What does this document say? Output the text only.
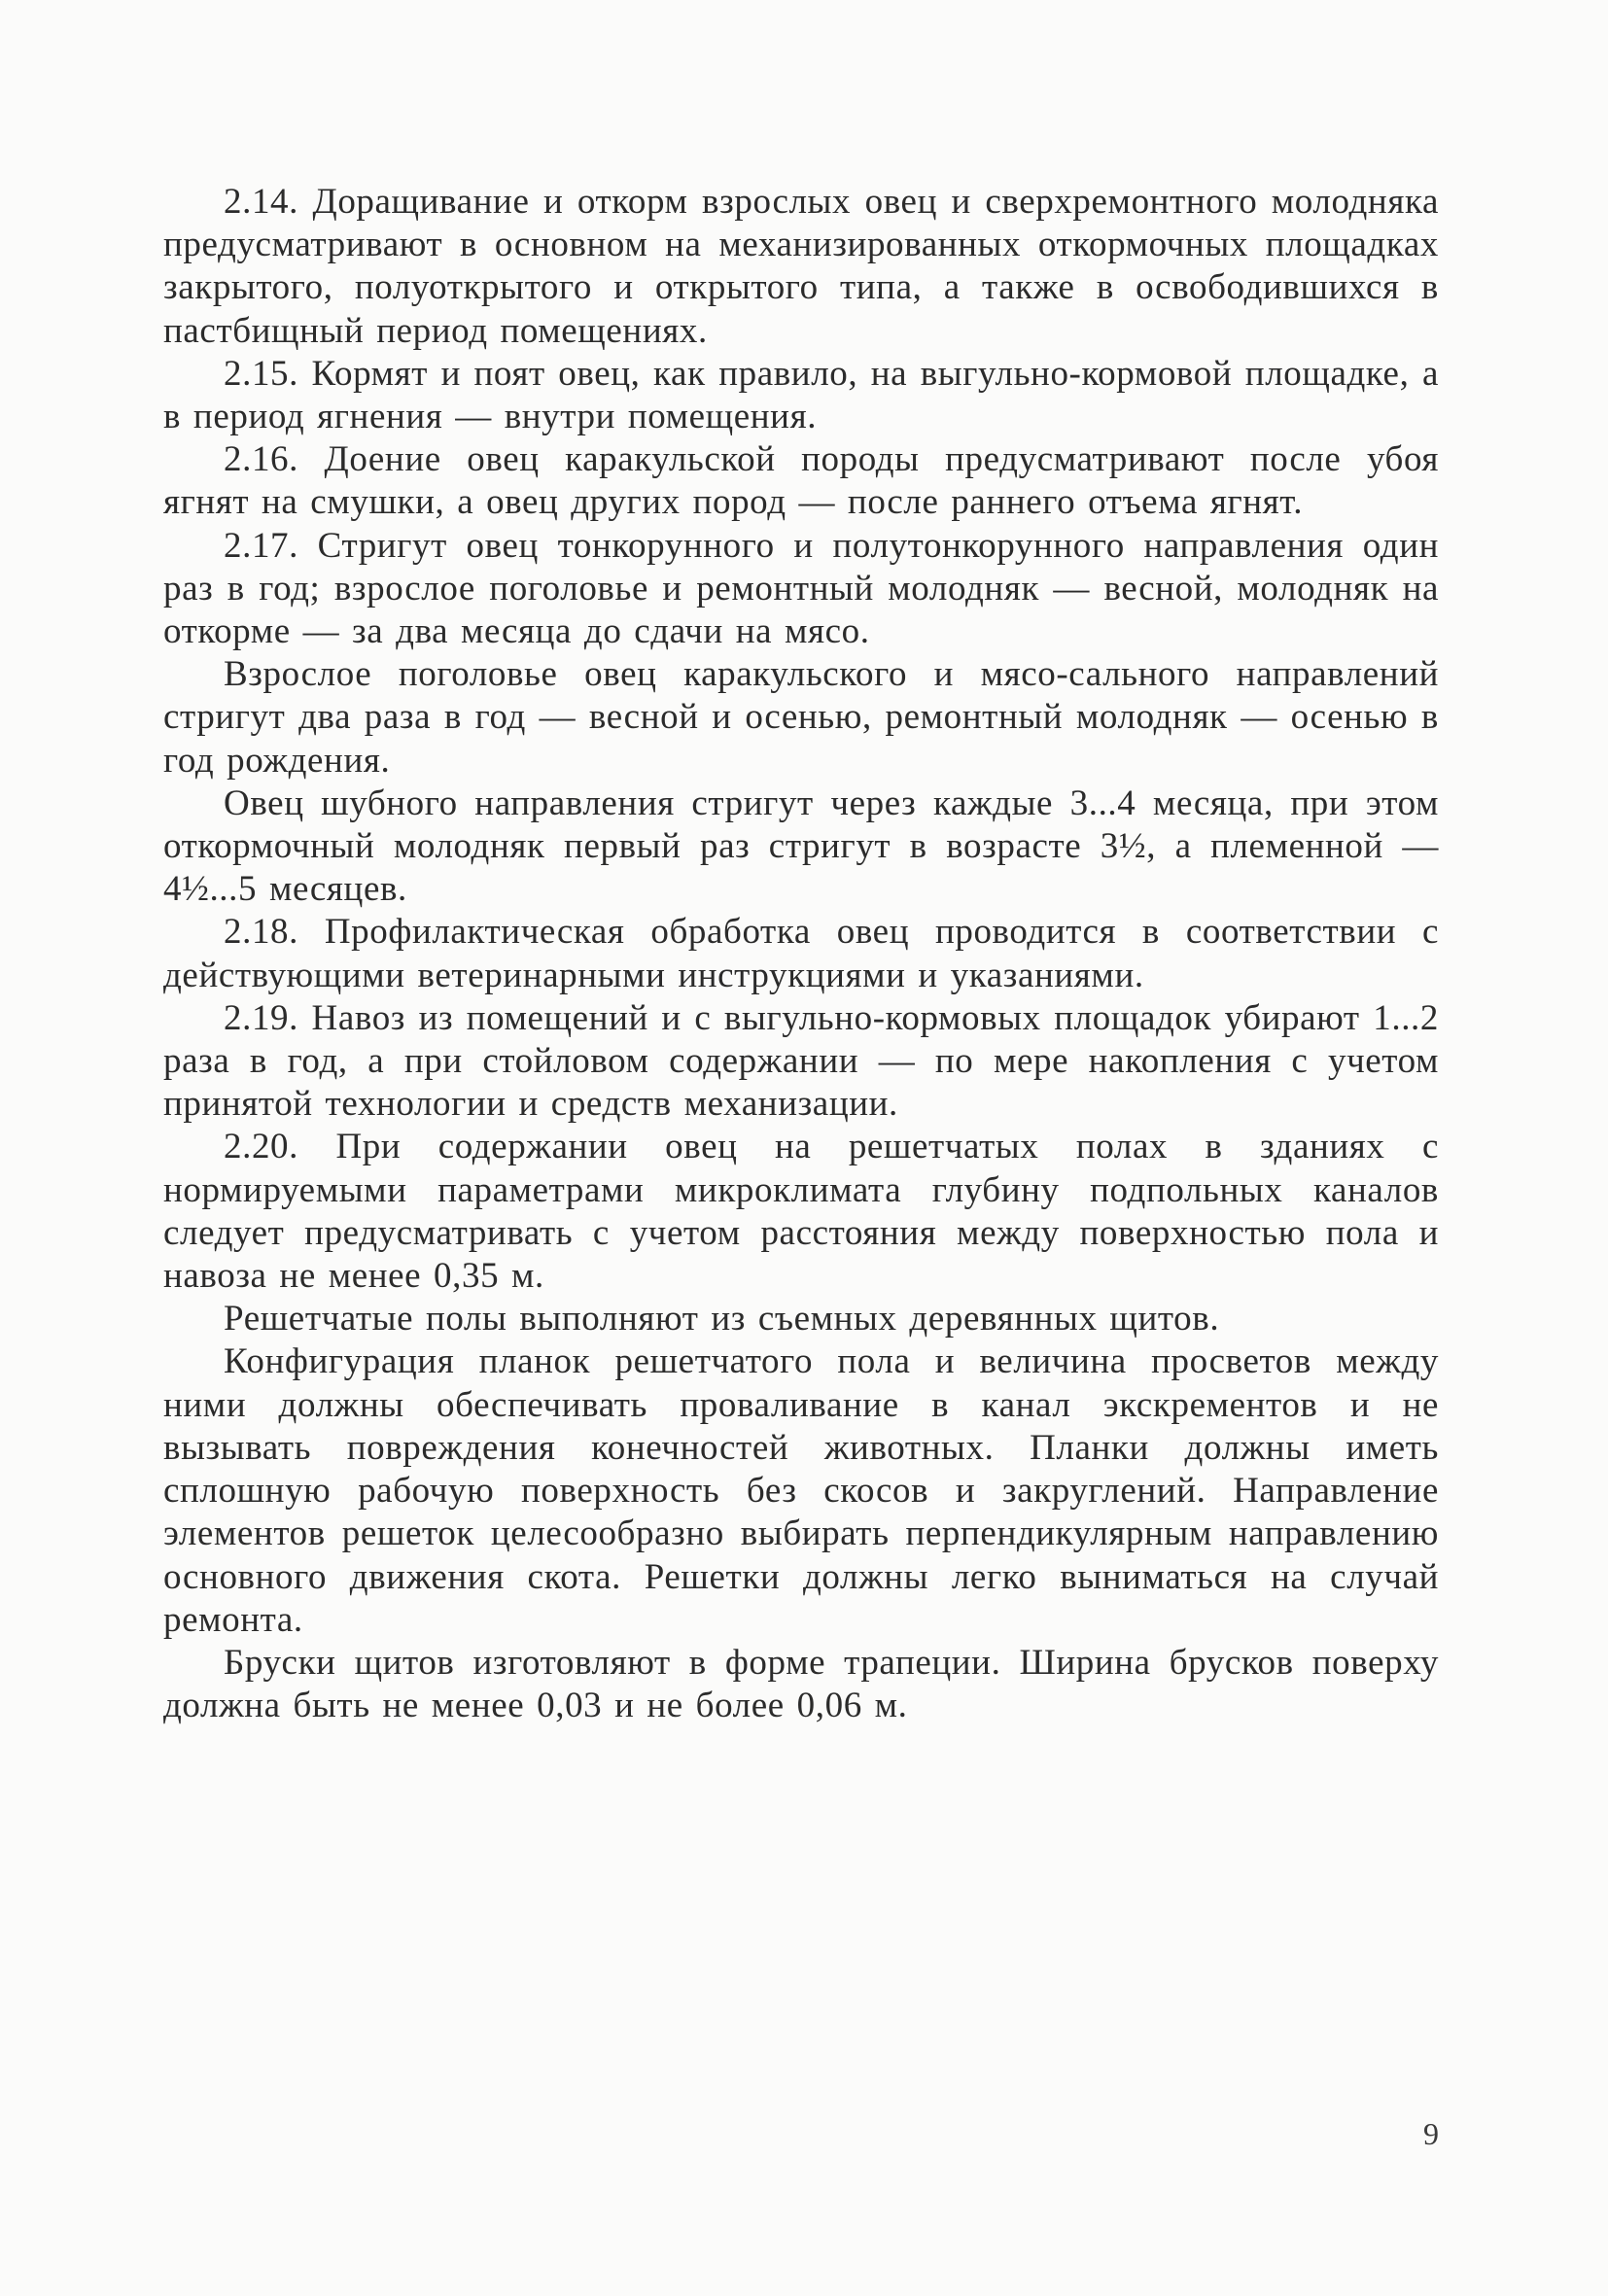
2.14. Доращивание и откорм взрослых овец и сверхремонтного молодняка предусматривают в основном на механизированных откормочных площадках закрытого, полуоткрытого и открытого типа, а также в освободившихся в пастбищный период помещениях.

2.15. Кормят и поят овец, как правило, на выгульно-кормовой площадке, а в период ягнения — внутри помещения.

2.16. Доение овец каракульской породы предусматривают после убоя ягнят на смушки, а овец других пород — после раннего отъема ягнят.

2.17. Стригут овец тонкорунного и полутонкорунного направления один раз в год; взрослое поголовье и ремонтный молодняк — весной, молодняк на откорме — за два месяца до сдачи на мясо.

Взрослое поголовье овец каракульского и мясо-сального направлений стригут два раза в год — весной и осенью, ремонтный молодняк — осенью в год рождения.

Овец шубного направления стригут через каждые 3...4 месяца, при этом откормочный молодняк первый раз стригут в возрасте 3½, а племенной — 4½...5 месяцев.

2.18. Профилактическая обработка овец проводится в соответствии с действующими ветеринарными инструкциями и указаниями.

2.19. Навоз из помещений и с выгульно-кормовых площадок убирают 1...2 раза в год, а при стойловом содержании — по мере накопления с учетом принятой технологии и средств механизации.

2.20. При содержании овец на решетчатых полах в зданиях с нормируемыми параметрами микроклимата глубину подпольных каналов следует предусматривать с учетом расстояния между поверхностью пола и навоза не менее 0,35 м.

Решетчатые полы выполняют из съемных деревянных щитов.

Конфигурация планок решетчатого пола и величина просветов между ними должны обеспечивать проваливание в канал экскрементов и не вызывать повреждения конечностей животных. Планки должны иметь сплошную рабочую поверхность без скосов и закруглений. Направление элементов решеток целесообразно выбирать перпендикулярным направлению основного движения скота. Решетки должны легко выниматься на случай ремонта.

Бруски щитов изготовляют в форме трапеции. Ширина брусков поверху должна быть не менее 0,03 и не более 0,06 м.

9
